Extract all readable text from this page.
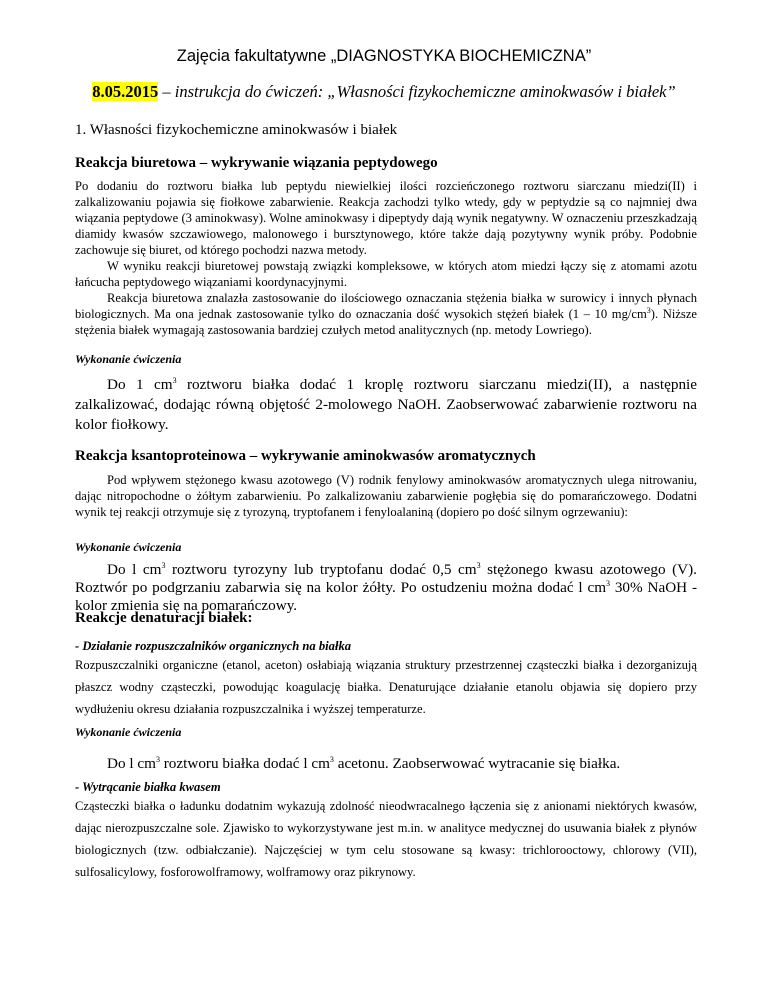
Zajęcia fakultatywne „DIAGNOSTYKA BIOCHEMICZNA”
8.05.2015 – instrukcja do ćwiczeń: „Własności fizykochemiczne aminokwasów i białek”
1. Własności fizykochemiczne aminokwasów i białek
Reakcja biuretowa – wykrywanie wiązania peptydowego

Po dodaniu do roztworu białka lub peptydu niewielkiej ilości rozcieńczonego roztworu siarczanu miedzi(II) i zalkalizowaniu pojawia się fiołkowe zabarwienie. Reakcja zachodzi tylko wtedy, gdy w peptydzie są co najmniej dwa wiązania peptydowe (3 aminokwasy). Wolne aminokwasy i dipeptydy dają wynik negatywny. W oznaczeniu przeszkadzają diamidy kwasów szczawiowego, malonowego i bursztynowego, które także dają pozytywny wynik próby. Podobnie zachowuje się biuret, od którego pochodzi nazwa metody.

W wyniku reakcji biuretowej powstają związki kompleksowe, w których atom miedzi łączy się z atomami azotu łańcucha peptydowego wiązaniami koordynacyjnymi.

Reakcja biuretowa znalazła zastosowanie do ilościowego oznaczania stężenia białka w surowicy i innych płynach biologicznych. Ma ona jednak zastosowanie tylko do oznaczania dość wysokich stężeń białek (1 – 10 $mg/cm^3$). Niższe stężenia białek wymagają zastosowania bardziej czułych metod analitycznych (np. metody Lowriego).

Wykonanie ćwiczenia

Do 1 $cm^3$ roztworu białka dodać 1 kroplę roztworu siarczanu miedzi(II), a następnie zalkalizować, dodając równą objętość 2-molowego NaOH. Zaobserwować zabarwienie roztworu na kolor fiołkowy.

Reakcja ksantoproteinowa – wykrywanie aminokwasów aromatycznych

Pod wpływem stężonego kwasu azotowego (V) rodnik fenylowy aminokwasów aromatycznych ulega nitrowaniu, dając nitropochodne o żółtym zabarwieniu. Po zalkalizowaniu zabarwienie pogłębia się do pomarańczowego. Dodatni wynik tej reakcji otrzymuje się z tyrozyną, tryptofanem i fenyloalaniną (dopiero po dość silnym ogrzewaniu):

Wykonanie ćwiczenia

Do l $cm^3$ roztworu tyrozyny lub tryptofanu dodać 0,5 $cm^3$ stężonego kwasu azotowego (V). Roztwór po podgrzaniu zabarwia się na kolor żółty. Po ostudzeniu można dodać l $cm^3$ 30% NaOH - kolor zmienia się na pomarańczowy.

Reakcje denaturacji białek:
- Działanie rozpuszczalników organicznych na białka

Rozpuszczalniki organiczne (etanol, aceton) osłabiają wiązania struktury przestrzennej cząsteczki białka i dezorganizują płaszcz wodny cząsteczki, powodując koagulację białka. Denaturujące działanie etanolu objawia się dopiero przy wydłużeniu okresu działania rozpuszczalnika i wyższej temperaturze.

Wykonanie ćwiczenia

Do l $cm^3$ roztworu białka dodać l $cm^3$ acetonu. Zaobserwować wytracanie się białka.

- Wytrącanie białka kwasem

Cząsteczki białka o ładunku dodatnim wykazują zdolność nieodwracalnego łączenia się z anionami niektórych kwasów, dając nierozpuszczalne sole. Zjawisko to wykorzystywane jest m.in. w analityce medycznej do usuwania białek z płynów biologicznych (tzw. odbiałczanie). Najczęściej w tym celu stosowane są kwasy: trichlorooctowy, chlorowy (VII), sulfosalicylowy, fosforowolframowy, wolframowy oraz pikrynowy.
